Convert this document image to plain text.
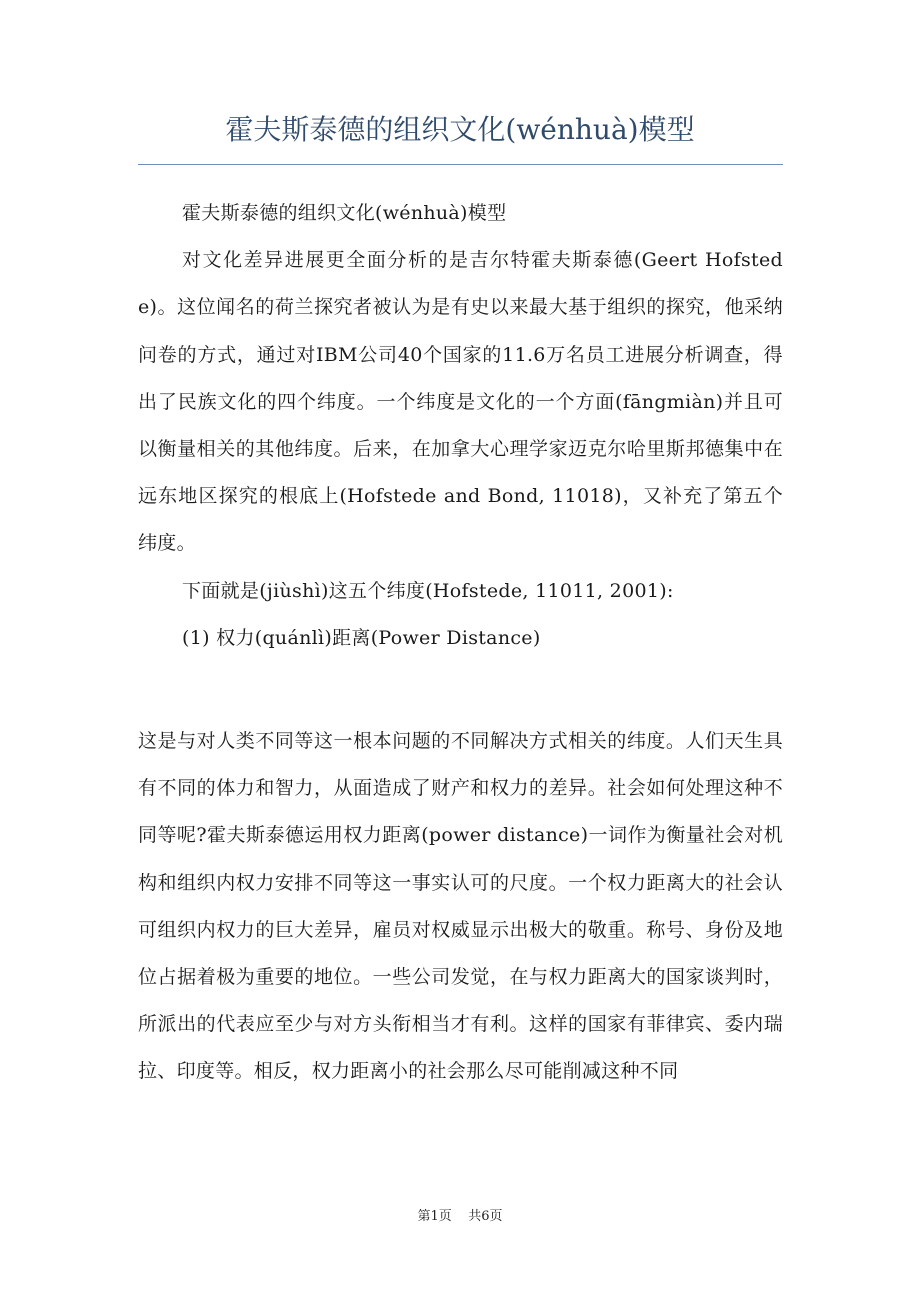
霍夫斯泰德的组织文化(wénhuà)模型

霍夫斯泰德的组织文化(wénhuà)模型

对文化差异进展更全面分析的是吉尔特霍夫斯泰德(Geert Hofstede)。这位闻名的荷兰探究者被认为是有史以来最大基于组织的探究，他采纳问卷的方式，通过对IBM公司40个国家的11.6万名员工进展分析调查，得出了民族文化的四个纬度。一个纬度是文化的一个方面(fāngmiàn)并且可以衡量相关的其他纬度。后来，在加拿大心理学家迈克尔哈里斯邦德集中在远东地区探究的根底上(Hofstede and Bond, 11018)，又补充了第五个纬度。

下面就是(jiùshì)这五个纬度(Hofstede, 11011, 2001):

(1) 权力(quánlì)距离(Power Distance)

这是与对人类不同等这一根本问题的不同解决方式相关的纬度。人们天生具有不同的体力和智力，从面造成了财产和权力的差异。社会如何处理这种不同等呢?霍夫斯泰德运用权力距离(power distance)一词作为衡量社会对机构和组织内权力安排不同等这一事实认可的尺度。一个权力距离大的社会认可组织内权力的巨大差异，雇员对权威显示出极大的敬重。称号、身份及地位占据着极为重要的地位。一些公司发觉，在与权力距离大的国家谈判时，所派出的代表应至少与对方头衔相当才有利。这样的国家有菲律宾、委内瑞拉、印度等。相反，权力距离小的社会那么尽可能削减这种不同

第1页    共6页
